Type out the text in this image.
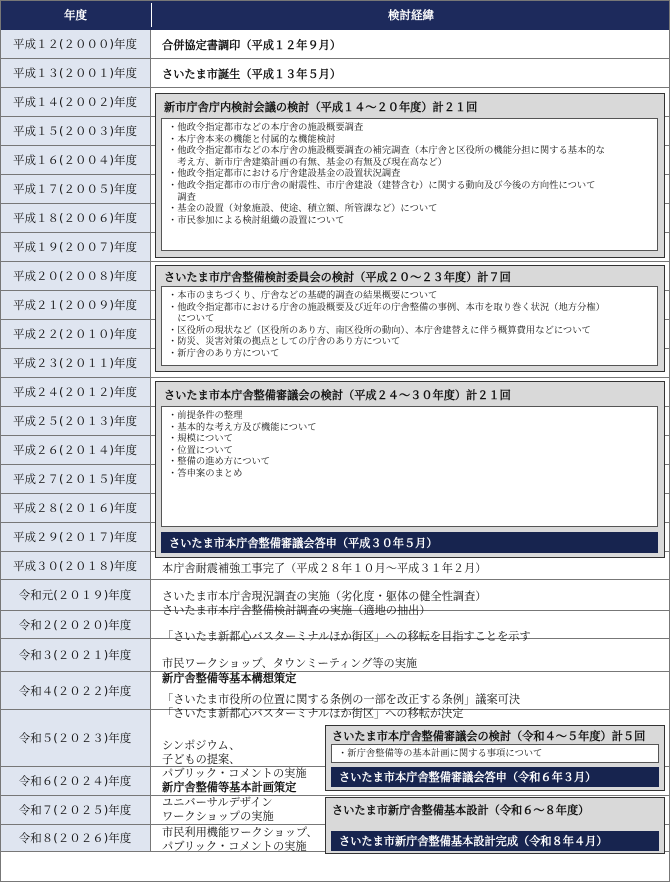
年度	検討経緯
平成１２(２０００)年度
平成１３(２００１)年度
平成１４(２００２)年度
平成１５(２００３)年度
平成１６(２００４)年度
平成１７(２００５)年度
平成１８(２００６)年度
平成１９(２００７)年度
平成２０(２００８)年度
平成２１(２００９)年度
平成２２(２０１０)年度
平成２３(２０１１)年度
平成２４(２０１２)年度
平成２５(２０１３)年度
平成２６(２０１４)年度
平成２７(２０１５)年度
平成２８(２０１６)年度
平成２９(２０１７)年度
平成３０(２０１８)年度
令和元(２０１９)年度
令和２(２０２０)年度
令和３(２０２１)年度
令和４(２０２２)年度
令和５(２０２３)年度
令和６(２０２４)年度
令和７(２０２５)年度
令和８(２０２６)年度
合併協定書調印（平成１２年９月）
さいたま市誕生（平成１３年５月）
本庁舎耐震補強工事完了（平成２８年１０月～平成３１年２月）
さいたま市本庁舎現況調査の実施（劣化度・躯体の健全性調査）
さいたま市本庁舎整備検討調査の実施（適地の抽出）
「さいたま新都心バスターミナルほか街区」への移転を目指すことを示す
市民ワークショップ、タウンミーティング等の実施
新庁舎整備等基本構想策定
「さいたま市役所の位置に関する条例の一部を改正する条例」議案可決
「さいたま新都心バスターミナルほか街区」への移転が決定
シンポジウム、
子どもの提案、
パブリック・コメントの実施
新庁舎整備等基本計画策定
ユニバーサルデザイン
ワークショップの実施
市民利用機能ワークショップ、
パブリック・コメントの実施
新市庁舎庁内検討会議の検討（平成１４～２０年度）計２１回
・他政令指定都市などの本庁舎の施設概要調査
・本庁舎本来の機能と付属的な機能検討
・他政令指定都市などの本庁舎の施設概要調査の補完調査（本庁舎と区役所の機能分担に関する基本的な
　考え方、新市庁舎建築計画の有無、基金の有無及び現在高など）
・他政令指定都市における庁舎建設基金の設置状況調査
・他政令指定都市の市庁舎の耐震性、市庁舎建設（建替含む）に関する動向及び今後の方向性について
　調査
・基金の設置（対象施設、使途、積立額、所管課など）について
・市民参加による検討組織の設置について
さいたま市庁舎整備検討委員会の検討（平成２０～２３年度）計７回
・本市のまちづくり、庁舎などの基礎的調査の結果概要について
・他政令指定都市における庁舎の施設概要及び近年の庁舎整備の事例、本市を取り巻く状況（地方分権）
　について
・区役所の現状など（区役所のあり方、南区役所の動向）、本庁舎建替えに伴う概算費用などについて
・防災、災害対策の拠点としての庁舎のあり方について
・新庁舎のあり方について
さいたま市本庁舎整備審議会の検討（平成２４～３０年度）計２１回
・前提条件の整理
・基本的な考え方及び機能について
・規模について
・位置について
・整備の進め方について
・答申案のまとめ
さいたま市本庁舎整備審議会答申（平成３０年５月）
さいたま市本庁舎整備審議会の検討（令和４～５年度）計５回
・新庁舎整備等の基本計画に関する事項について
さいたま市本庁舎整備審議会答申（令和６年３月）
さいたま市新庁舎整備基本設計（令和６～８年度）
さいたま市新庁舎整備基本設計完成（令和８年４月）
